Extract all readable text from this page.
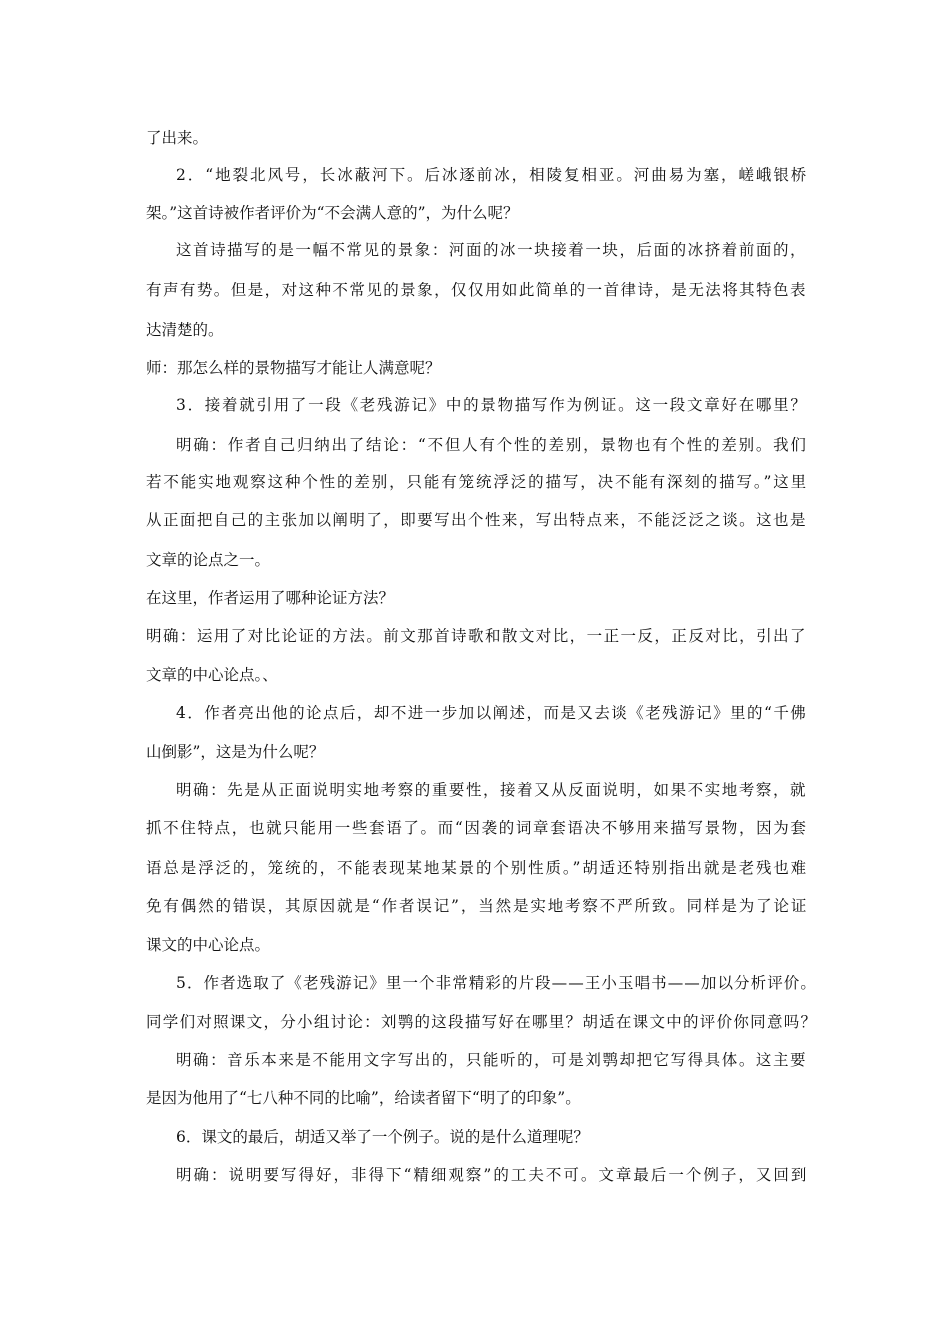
了出来。
2．“地裂北风号，长冰蔽河下。后冰逐前冰，相陵复相亚。河曲易为塞，嵯峨银桥
架。”这首诗被作者评价为“不会满人意的”，为什么呢？
这首诗描写的是一幅不常见的景象：河面的冰一块接着一块，后面的冰挤着前面的，
有声有势。但是，对这种不常见的景象，仅仅用如此简单的一首律诗，是无法将其特色表
达清楚的。
师：那怎么样的景物描写才能让人满意呢？
3．接着就引用了一段《老残游记》中的景物描写作为例证。这一段文章好在哪里？
明确：作者自己归纳出了结论：“不但人有个性的差别，景物也有个性的差别。我们
若不能实地观察这种个性的差别，只能有笼统浮泛的描写，决不能有深刻的描写。”这里
从正面把自己的主张加以阐明了，即要写出个性来，写出特点来，不能泛泛之谈。这也是
文章的论点之一。
在这里，作者运用了哪种论证方法？
明确：运用了对比论证的方法。前文那首诗歌和散文对比，一正一反，正反对比，引出了
文章的中心论点。、
4．作者亮出他的论点后，却不进一步加以阐述，而是又去谈《老残游记》里的“千佛
山倒影”，这是为什么呢？
明确：先是从正面说明实地考察的重要性，接着又从反面说明，如果不实地考察，就
抓不住特点，也就只能用一些套语了。而“因袭的词章套语决不够用来描写景物，因为套
语总是浮泛的，笼统的，不能表现某地某景的个别性质。”胡适还特别指出就是老残也难
免有偶然的错误，其原因就是“作者误记”，当然是实地考察不严所致。同样是为了论证
课文的中心论点。
5．作者选取了《老残游记》里一个非常精彩的片段——王小玉唱书——加以分析评价。
同学们对照课文，分小组讨论：刘鹗的这段描写好在哪里？胡适在课文中的评价你同意吗？
明确：音乐本来是不能用文字写出的，只能听的，可是刘鹗却把它写得具体。这主要
是因为他用了“七八种不同的比喻”，给读者留下“明了的印象”。
6．课文的最后，胡适又举了一个例子。说的是什么道理呢？
明确：说明要写得好，非得下“精细观察”的工夫不可。文章最后一个例子，又回到
